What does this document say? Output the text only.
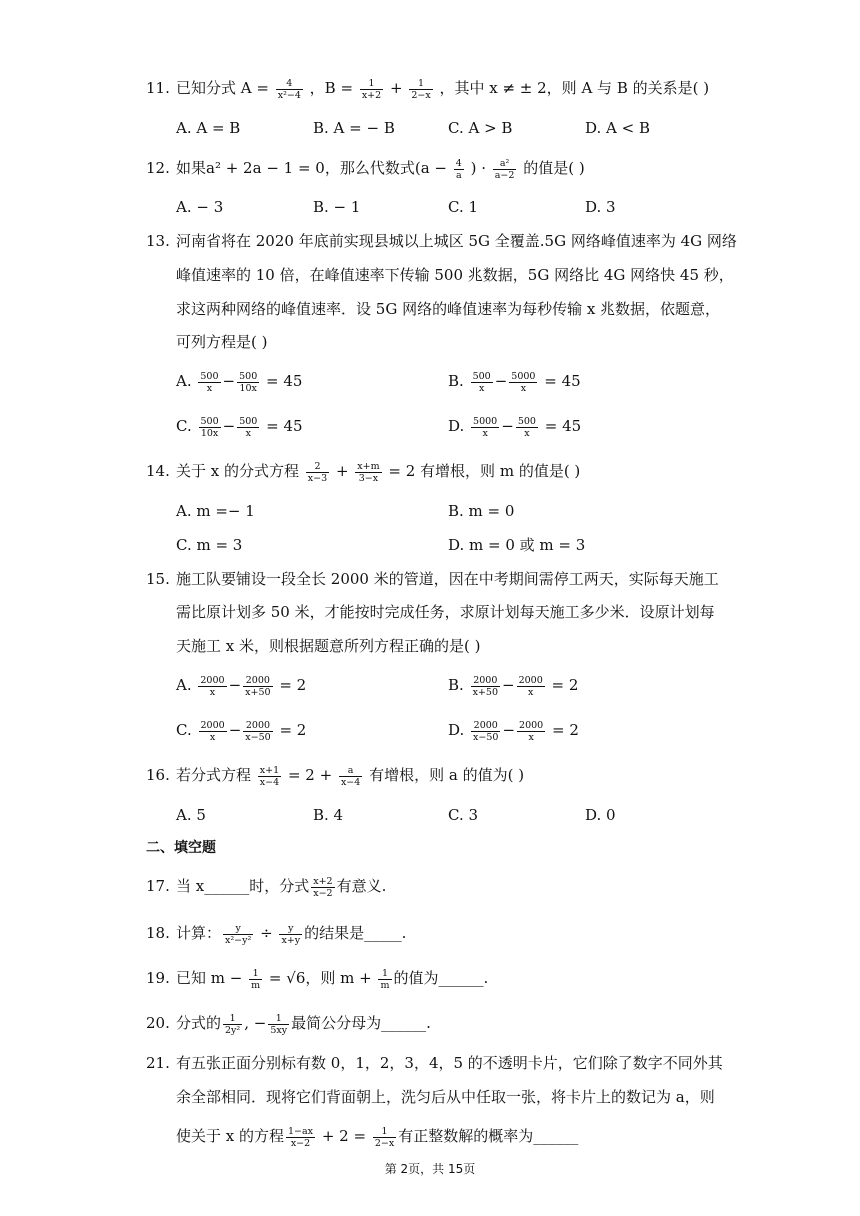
11. 已知分式 $A = \frac{4}{\text{x²−4}}$ ，$B = \frac{1}{x+2} + \frac{1}{2-x}$ ，其中 x ≠ ± 2，则 A 与 B 的关系是( )
A. A = B	B. A = − B	C. A > B	D. A < B
12. 如果a² + 2a − 1 = 0，那么代数式($a - \frac{4}{a}$ ) · $\frac{\text{a²}}{a-2}$ 的值是( )
A. − 3	B. − 1	C. 1	D. 3
13. 河南省将在 2020 年底前实现县城以上城区 5G 全覆盖.5G 网络峰值速率为 4G 网络
峰值速率的 10 倍，在峰值速率下传输 500 兆数据，5G 网络比 4G 网络快 45 秒，
求这两种网络的峰值速率．设 5G 网络的峰值速率为每秒传输 x 兆数据，依题意，
可列方程是( )
A. $\frac{500}{x} - \frac{500}{10x} = 45$	B. $\frac{500}{x} - \frac{5000}{x} = 45$
C. $\frac{500}{10x} - \frac{500}{x} = 45$	D. $\frac{5000}{x} - \frac{500}{x} = 45$
14. 关于 x 的分式方程 $\frac{2}{x-3} + \frac{x+m}{3-x} = 2$ 有增根，则 m 的值是( )
A. m =− 1	B. m = 0
C. m = 3	D. m = 0 或 m = 3
15. 施工队要铺设一段全长 2000 米的管道，因在中考期间需停工两天，实际每天施工
需比原计划多 50 米，才能按时完成任务，求原计划每天施工多少米．设原计划每
天施工 x 米，则根据题意所列方程正确的是( )
A. $\frac{2000}{x} - \frac{2000}{x+50} = 2$	B. $\frac{2000}{x+50} - \frac{2000}{x} = 2$
C. $\frac{2000}{x} - \frac{2000}{x-50} = 2$	D. $\frac{2000}{x-50} - \frac{2000}{x} = 2$
16. 若分式方程 $\frac{x+1}{x-4} = 2 + \frac{a}{x-4}$ 有增根，则 a 的值为( )
A. 5	B. 4	C. 3	D. 0
二、填空题
17. 当 x______时，分式 $\frac{x+2}{x-2}$ 有意义.
18. 计算： $\frac{y}{\text{x²−y²}} \div \frac{y}{x+y}$ 的结果是_____.
19. 已知 $m - \frac{1}{m} = √6$，则 $m + \frac{1}{m}$ 的值为______.
20. 分式的 $\frac{1}{\text{2y²}}$ , − $\frac{1}{5xy}$ 最简公分母为______.
21. 有五张正面分别标有数 0，1，2，3，4，5 的不透明卡片，它们除了数字不同外其
余全部相同．现将它们背面朝上，洗匀后从中任取一张，将卡片上的数记为 a，则
使关于 x 的方程 $\frac{1-ax}{x-2} + 2 = \frac{1}{2-x}$ 有正整数解的概率为______
第 2页，共 15页
